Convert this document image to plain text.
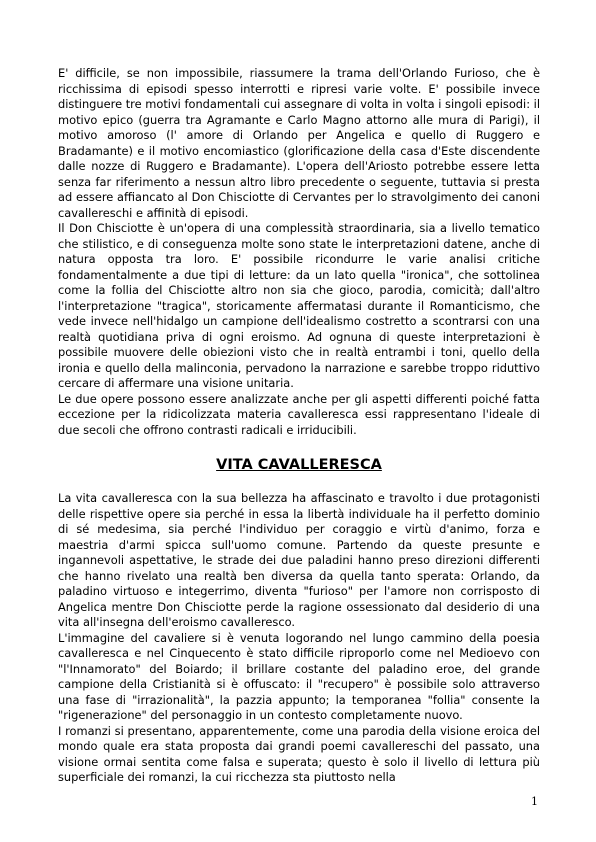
E' difficile, se non impossibile, riassumere la trama dell'Orlando Furioso, che è ricchissima di episodi spesso interrotti e ripresi varie volte. E' possibile invece distinguere tre motivi fondamentali cui assegnare di volta in volta i singoli episodi: il motivo epico (guerra tra Agramante e Carlo Magno attorno alle mura di Parigi), il motivo amoroso (l' amore di Orlando per Angelica e quello di Ruggero e Bradamante) e il motivo encomiastico (glorificazione della casa d'Este discendente dalle nozze di Ruggero e Bradamante). L'opera dell'Ariosto potrebbe essere letta senza far riferimento a nessun altro libro precedente o seguente, tuttavia si presta ad essere affiancato al Don Chisciotte di Cervantes per lo stravolgimento dei canoni cavallereschi e affinità di episodi.

Il Don Chisciotte è un'opera di una complessità straordinaria, sia a livello tematico che stilistico, e di conseguenza molte sono state le interpretazioni datene, anche di natura opposta tra loro. E' possibile ricondurre le varie analisi critiche fondamentalmente a due tipi di letture: da un lato quella "ironica", che sottolinea come la follia del Chisciotte altro non sia che gioco, parodia, comicità; dall'altro l'interpretazione "tragica", storicamente affermatasi durante il Romanticismo, che vede invece nell'hidalgo un campione dell'idealismo costretto a scontrarsi con una realtà quotidiana priva di ogni eroismo. Ad ognuna di queste interpretazioni è possibile muovere delle obiezioni visto che in realtà entrambi i toni, quello della ironia e quello della malinconia, pervadono la narrazione e sarebbe troppo riduttivo cercare di affermare una visione unitaria.

Le due opere possono essere analizzate anche per gli aspetti differenti poiché fatta eccezione per la ridicolizzata materia cavalleresca essi rappresentano l'ideale di due secoli che offrono contrasti radicali e irriducibili.

VITA CAVALLERESCA

La vita cavalleresca con la sua bellezza ha affascinato e travolto i due protagonisti delle rispettive opere sia perché in essa la libertà individuale ha il perfetto dominio di sé medesima, sia perché l'individuo per coraggio e virtù d'animo, forza e maestria d'armi spicca sull'uomo comune. Partendo da queste presunte e ingannevoli aspettative, le strade dei due paladini hanno preso direzioni differenti che hanno rivelato una realtà ben diversa da quella tanto sperata: Orlando, da paladino virtuoso e integerrimo, diventa "furioso" per l'amore non corrisposto di Angelica mentre Don Chisciotte perde la ragione ossessionato dal desiderio di una vita all'insegna dell'eroismo cavalleresco.

L'immagine del cavaliere si è venuta logorando nel lungo cammino della poesia cavalleresca e nel Cinquecento è stato difficile riproporlo come nel Medioevo con "l'Innamorato" del Boiardo; il brillare costante del paladino eroe, del grande campione della Cristianità si è offuscato: il "recupero" è possibile solo attraverso una fase di "irrazionalità", la pazzia appunto; la temporanea "follia" consente la "rigenerazione" del personaggio in un contesto completamente nuovo.

I romanzi si presentano, apparentemente, come una parodia della visione eroica del mondo quale era stata proposta dai grandi poemi cavallereschi del passato, una visione ormai sentita come falsa e superata; questo è solo il livello di lettura più superficiale dei romanzi, la cui ricchezza sta piuttosto nella

1
